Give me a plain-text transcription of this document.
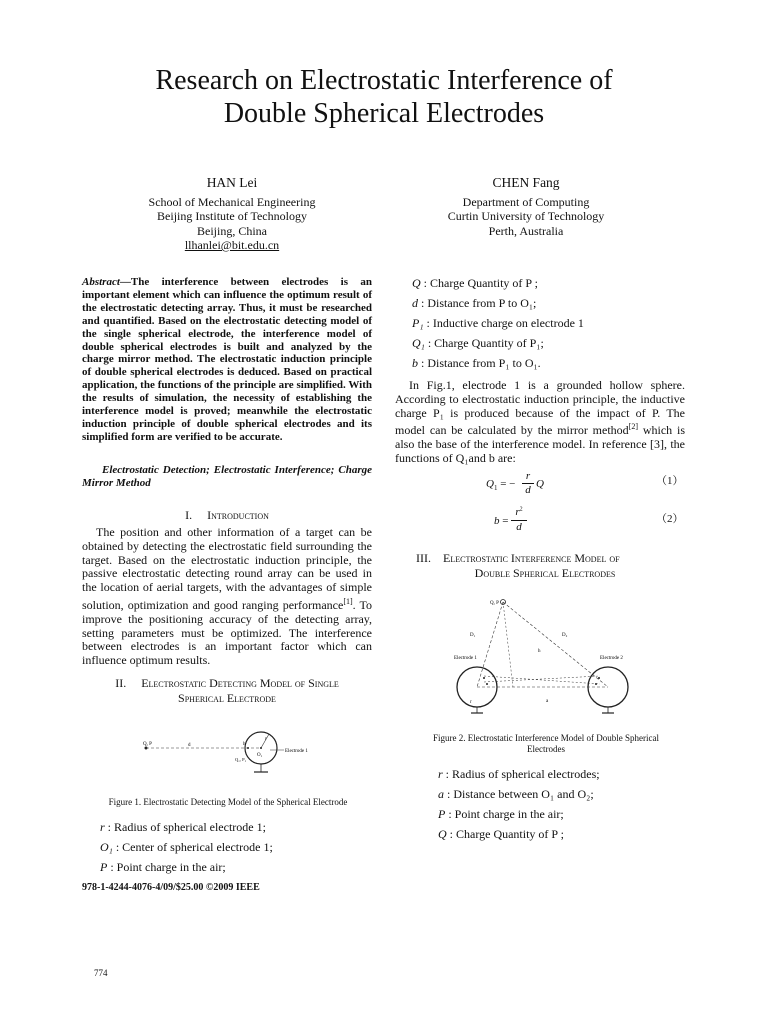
Research on Electrostatic Interference of
Double Spherical Electrodes
HAN Lei
School of Mechanical Engineering
Beijing Institute of Technology
Beijing, China
llhanlei@bit.edu.cn
CHEN Fang
Department of Computing
Curtin University of Technology
Perth, Australia
Abstract—The interference between electrodes is an important element which can influence the optimum result of the electrostatic detecting array. Thus, it must be researched and quantified. Based on the electrostatic detecting model of the single spherical electrode, the interference model of double spherical electrodes is built and analyzed by the charge mirror method. The electrostatic induction principle of double spherical electrodes is deduced. Based on practical application, the functions of the principle are simplified. With the results of simulation, the necessity of establishing the interference model is proved; meanwhile the electrostatic induction principle of double spherical electrodes and its simplified form are verified to be accurate.
Electrostatic Detection; Electrostatic Interference; Charge Mirror Method
I. Introduction
The position and other information of a target can be obtained by detecting the electrostatic field surrounding the target. Based on the electrostatic induction principle, the passive electrostatic detecting round array can be used in the location of aerial targets, with the advantages of simple solution, optimization and good ranging performance[1]. To improve the positioning accuracy of the detecting array, setting parameters must be optimized. The interference between electrodes is an important factor which can influence optimum results.
II. Electrostatic Detecting Model of Single
Spherical Electrode
Q, P	d	h
r
O₁
Q₁, P₁
Electrode 1
Figure 1. Electrostatic Detecting Model of the Spherical Electrode
r : Radius of spherical electrode 1;
O₁ : Center of spherical electrode 1;
P : Point charge in the air;
978-1-4244-4076-4/09/$25.00 ©2009 IEEE
774
Q : Charge Quantity of P ;
d : Distance from P to O₁;
P₁ : Inductive charge on electrode 1
Q₁ : Charge Quantity of P₁;
b : Distance from P₁ to O₁.
In Fig.1, electrode 1 is a grounded hollow sphere. According to electrostatic induction principle, the inductive charge P₁ is produced because of the impact of P. The model can be calculated by the mirror method[2] which is also the base of the interference model. In reference [3], the functions of Q₁and b are:
$Q_1$ = −
r
d Q	（1）
b =
$r^2$
d
（2）
III. Electrostatic Interference Model of
Double Spherical Electrodes
Q, P
D₁	D₂
h
Electrode 1	Electrode 2
a
r
Figure 2. Electrostatic Interference Model of Double Spherical
Electrodes
r : Radius of spherical electrodes;
a : Distance between O₁ and O₂;
P : Point charge in the air;
Q : Charge Quantity of P ;
